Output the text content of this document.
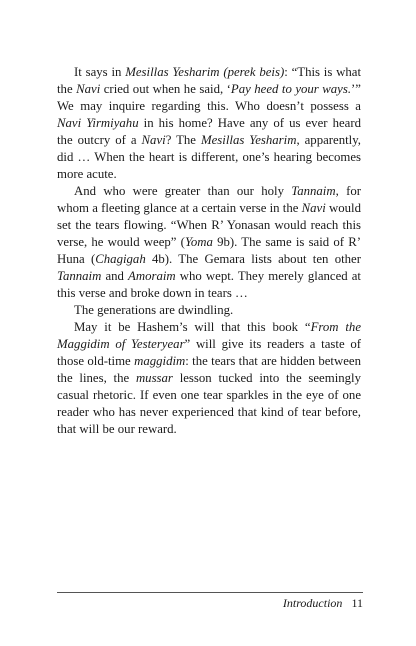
It says in Mesillas Yesharim (perek beis): “This is what the Navi cried out when he said, ‘Pay heed to your ways.’” We may inquire regarding this. Who doesn’t possess a Navi Yirmiyahu in his home? Have any of us ever heard the outcry of a Navi? The Mesillas Yesharim, apparently, did … When the heart is different, one’s hearing becomes more acute.

And who were greater than our holy Tannaim, for whom a fleeting glance at a certain verse in the Navi would set the tears flowing. “When R’ Yonasan would reach this verse, he would weep” (Yoma 9b). The same is said of R’ Huna (Chagigah 4b). The Gemara lists about ten other Tannaim and Amoraim who wept. They merely glanced at this verse and broke down in tears …

The generations are dwindling.

May it be Hashem’s will that this book “From the Maggidim of Yesteryear” will give its readers a taste of those old-time maggidim: the tears that are hidden between the lines, the mussar lesson tucked into the seemingly casual rhetoric. If even one tear sparkles in the eye of one reader who has never experienced that kind of tear before, that will be our reward.

Introduction 11
